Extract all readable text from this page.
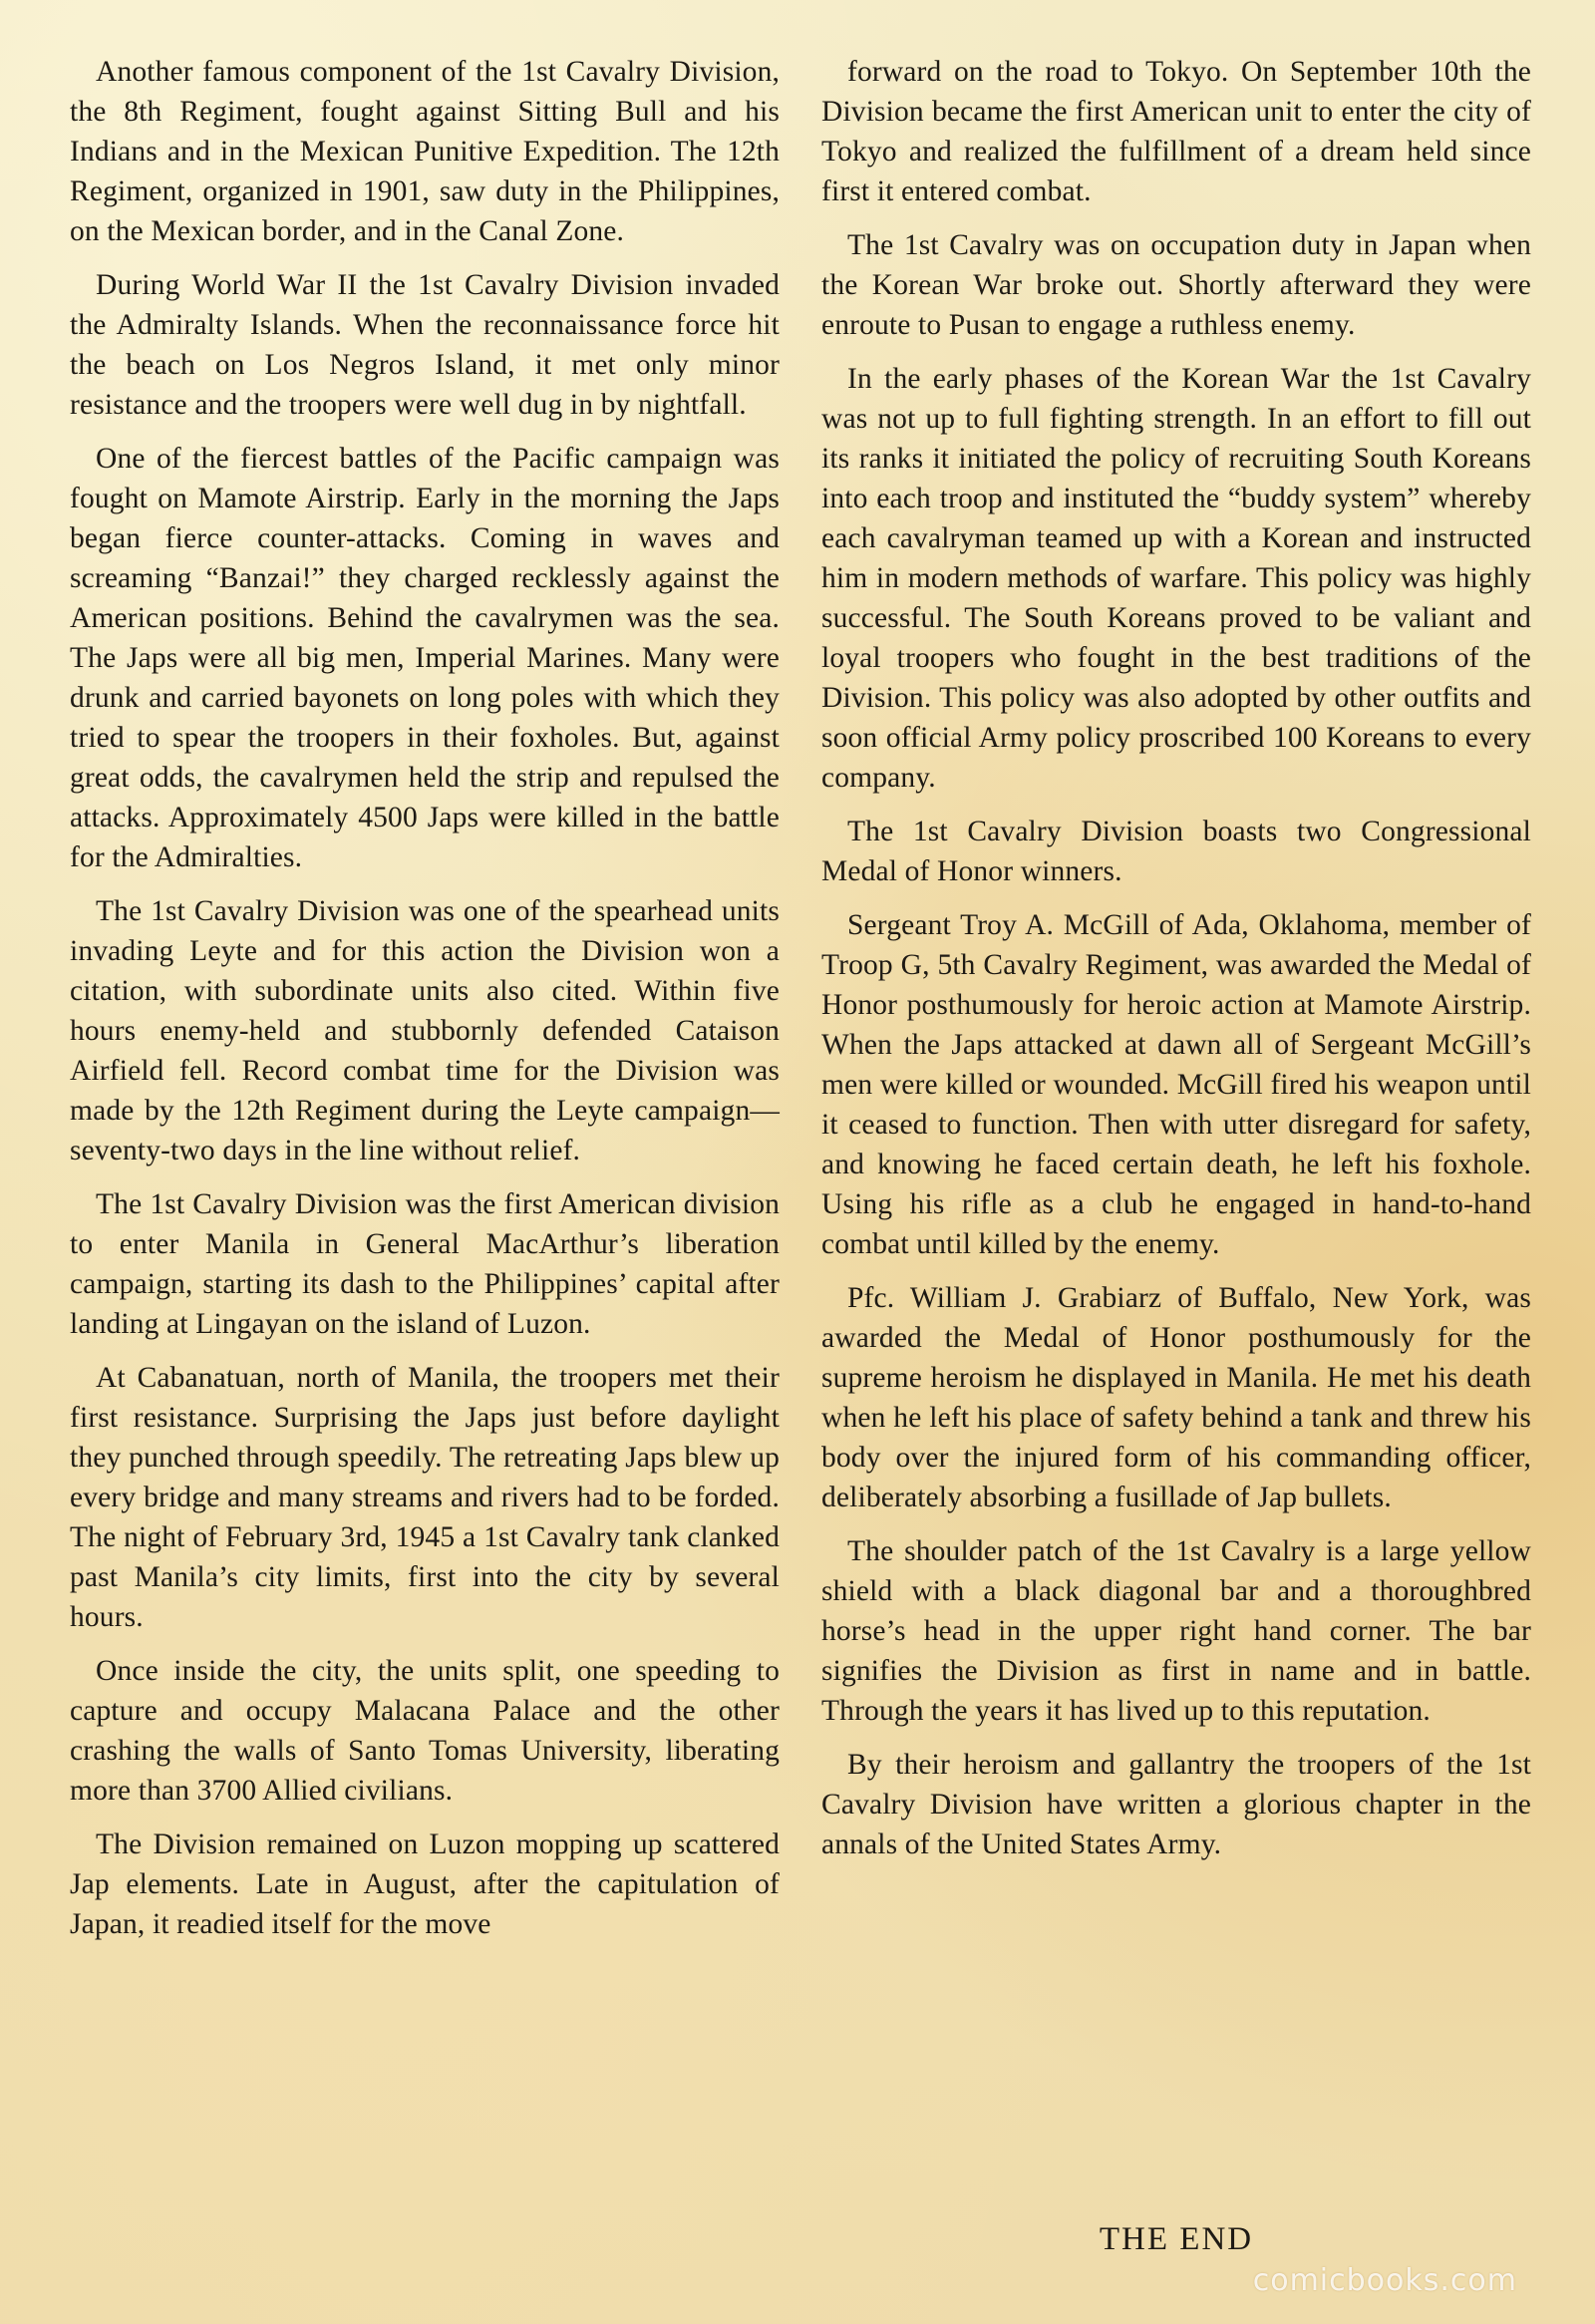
Another famous component of the 1st Cavalry Division, the 8th Regiment, fought against Sitting Bull and his Indians and in the Mexican Punitive Expedition. The 12th Regiment, organized in 1901, saw duty in the Philippines, on the Mexican border, and in the Canal Zone.

During World War II the 1st Cavalry Division invaded the Admiralty Islands. When the reconnaissance force hit the beach on Los Negros Island, it met only minor resistance and the troopers were well dug in by nightfall.

One of the fiercest battles of the Pacific campaign was fought on Mamote Airstrip. Early in the morning the Japs began fierce counter-attacks. Coming in waves and screaming “Banzai!” they charged recklessly against the American positions. Behind the cavalrymen was the sea. The Japs were all big men, Imperial Marines. Many were drunk and carried bayonets on long poles with which they tried to spear the troopers in their foxholes. But, against great odds, the cavalrymen held the strip and repulsed the attacks. Approximately 4500 Japs were killed in the battle for the Admiralties.

The 1st Cavalry Division was one of the spearhead units invading Leyte and for this action the Division won a citation, with subordinate units also cited. Within five hours enemy-held and stubbornly defended Cataison Airfield fell. Record combat time for the Division was made by the 12th Regiment during the Leyte campaign—seventy-two days in the line without relief.

The 1st Cavalry Division was the first American division to enter Manila in General MacArthur’s liberation campaign, starting its dash to the Philippines’ capital after landing at Lingayan on the island of Luzon.

At Cabanatuan, north of Manila, the troopers met their first resistance. Surprising the Japs just before daylight they punched through speedily. The retreating Japs blew up every bridge and many streams and rivers had to be forded. The night of February 3rd, 1945 a 1st Cavalry tank clanked past Manila’s city limits, first into the city by several hours.

Once inside the city, the units split, one speeding to capture and occupy Malacana Palace and the other crashing the walls of Santo Tomas University, liberating more than 3700 Allied civilians.

The Division remained on Luzon mopping up scattered Jap elements. Late in August, after the capitulation of Japan, it readied itself for the move

forward on the road to Tokyo. On September 10th the Division became the first American unit to enter the city of Tokyo and realized the fulfillment of a dream held since first it entered combat.

The 1st Cavalry was on occupation duty in Japan when the Korean War broke out. Shortly afterward they were enroute to Pusan to engage a ruthless enemy.

In the early phases of the Korean War the 1st Cavalry was not up to full fighting strength. In an effort to fill out its ranks it initiated the policy of recruiting South Koreans into each troop and instituted the “buddy system” whereby each cavalryman teamed up with a Korean and instructed him in modern methods of warfare. This policy was highly successful. The South Koreans proved to be valiant and loyal troopers who fought in the best traditions of the Division. This policy was also adopted by other outfits and soon official Army policy proscribed 100 Koreans to every company.

The 1st Cavalry Division boasts two Congressional Medal of Honor winners.

Sergeant Troy A. McGill of Ada, Oklahoma, member of Troop G, 5th Cavalry Regiment, was awarded the Medal of Honor posthumously for heroic action at Mamote Airstrip. When the Japs attacked at dawn all of Sergeant McGill’s men were killed or wounded. McGill fired his weapon until it ceased to function. Then with utter disregard for safety, and knowing he faced certain death, he left his foxhole. Using his rifle as a club he engaged in hand-to-hand combat until killed by the enemy.

Pfc. William J. Grabiarz of Buffalo, New York, was awarded the Medal of Honor posthumously for the supreme heroism he displayed in Manila. He met his death when he left his place of safety behind a tank and threw his body over the injured form of his commanding officer, deliberately absorbing a fusillade of Jap bullets.

The shoulder patch of the 1st Cavalry is a large yellow shield with a black diagonal bar and a thoroughbred horse’s head in the upper right hand corner. The bar signifies the Division as first in name and in battle. Through the years it has lived up to this reputation.

By their heroism and gallantry the troopers of the 1st Cavalry Division have written a glorious chapter in the annals of the United States Army.

THE END
comicbooks.com
